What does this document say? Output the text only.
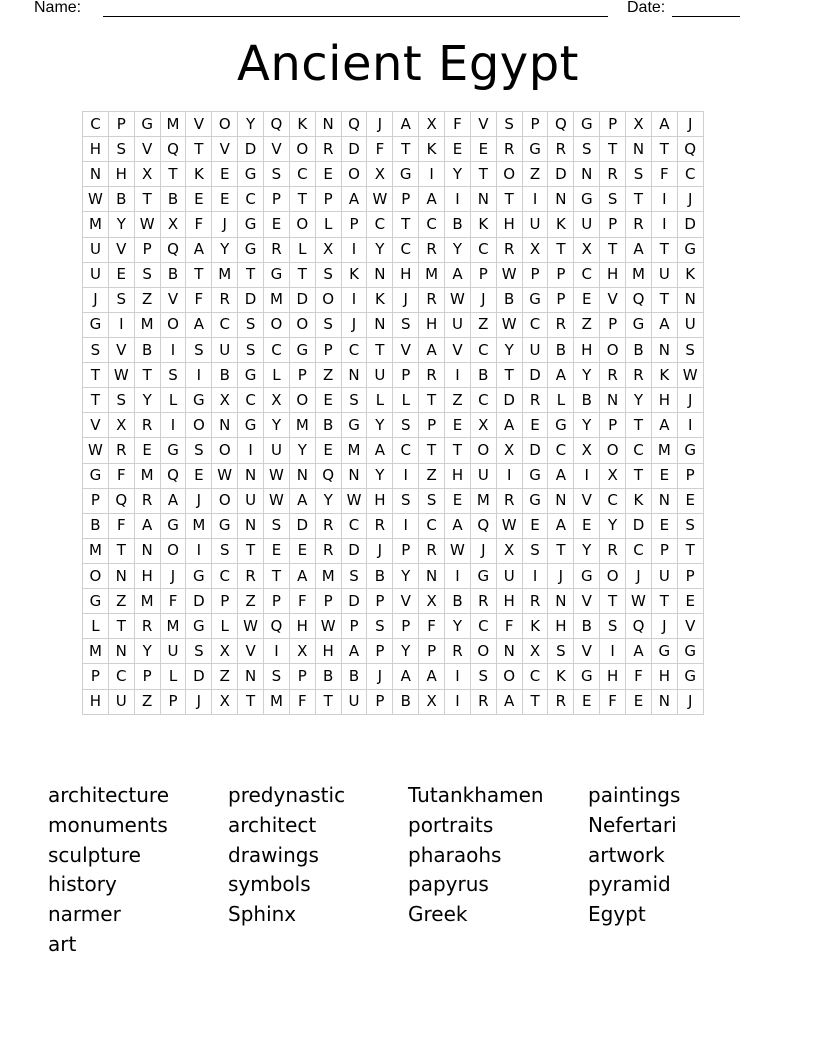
Name:	Date:
Ancient Egypt
C	P	G	M	V	O	Y	Q	K	N	Q	J	A	X	F	V	S	P	Q	G	P	X	A	J
H	S	V	Q	T	V	D	V	O	R	D	F	T	K	E	E	R	G	R	S	T	N	T	Q
N	H	X	T	K	E	G	S	C	E	O	X	G	I	Y	T	O	Z	D	N	R	S	F	C
W	B	T	B	E	E	C	P	T	P	A	W	P	A	I	N	T	I	N	G	S	T	I	J
M	Y	W	X	F	J	G	E	O	L	P	C	T	C	B	K	H	U	K	U	P	R	I	D
U	V	P	Q	A	Y	G	R	L	X	I	Y	C	R	Y	C	R	X	T	X	T	A	T	G
U	E	S	B	T	M	T	G	T	S	K	N	H	M	A	P	W	P	P	C	H	M	U	K
J	S	Z	V	F	R	D	M	D	O	I	K	J	R	W	J	B	G	P	E	V	Q	T	N
G	I	M	O	A	C	S	O	O	S	J	N	S	H	U	Z	W	C	R	Z	P	G	A	U
S	V	B	I	S	U	S	C	G	P	C	T	V	A	V	C	Y	U	B	H	O	B	N	S
T	W	T	S	I	B	G	L	P	Z	N	U	P	R	I	B	T	D	A	Y	R	R	K	W
T	S	Y	L	G	X	C	X	O	E	S	L	L	T	Z	C	D	R	L	B	N	Y	H	J
V	X	R	I	O	N	G	Y	M	B	G	Y	S	P	E	X	A	E	G	Y	P	T	A	I
W	R	E	G	S	O	I	U	Y	E	M	A	C	T	T	O	X	D	C	X	O	C	M	G
G	F	M	Q	E	W	N	W	N	Q	N	Y	I	Z	H	U	I	G	A	I	X	T	E	P
P	Q	R	A	J	O	U	W	A	Y	W	H	S	S	E	M	R	G	N	V	C	K	N	E
B	F	A	G	M	G	N	S	D	R	C	R	I	C	A	Q	W	E	A	E	Y	D	E	S
M	T	N	O	I	S	T	E	E	R	D	J	P	R	W	J	X	S	T	Y	R	C	P	T
O	N	H	J	G	C	R	T	A	M	S	B	Y	N	I	G	U	I	J	G	O	J	U	P
G	Z	M	F	D	P	Z	P	F	P	D	P	V	X	B	R	H	R	N	V	T	W	T	E
L	T	R	M	G	L	W	Q	H	W	P	S	P	F	Y	C	F	K	H	B	S	Q	J	V
M	N	Y	U	S	X	V	I	X	H	A	P	Y	P	R	O	N	X	S	V	I	A	G	G
P	C	P	L	D	Z	N	S	P	B	B	J	A	A	I	S	O	C	K	G	H	F	H	G
H	U	Z	P	J	X	T	M	F	T	U	P	B	X	I	R	A	T	R	E	F	E	N	J
architecture
monuments
sculpture
history
narmer
art
predynastic
architect
drawings
symbols
Sphinx
Tutankhamen
portraits
pharaohs
papyrus
Greek
paintings
Nefertari
artwork
pyramid
Egypt
